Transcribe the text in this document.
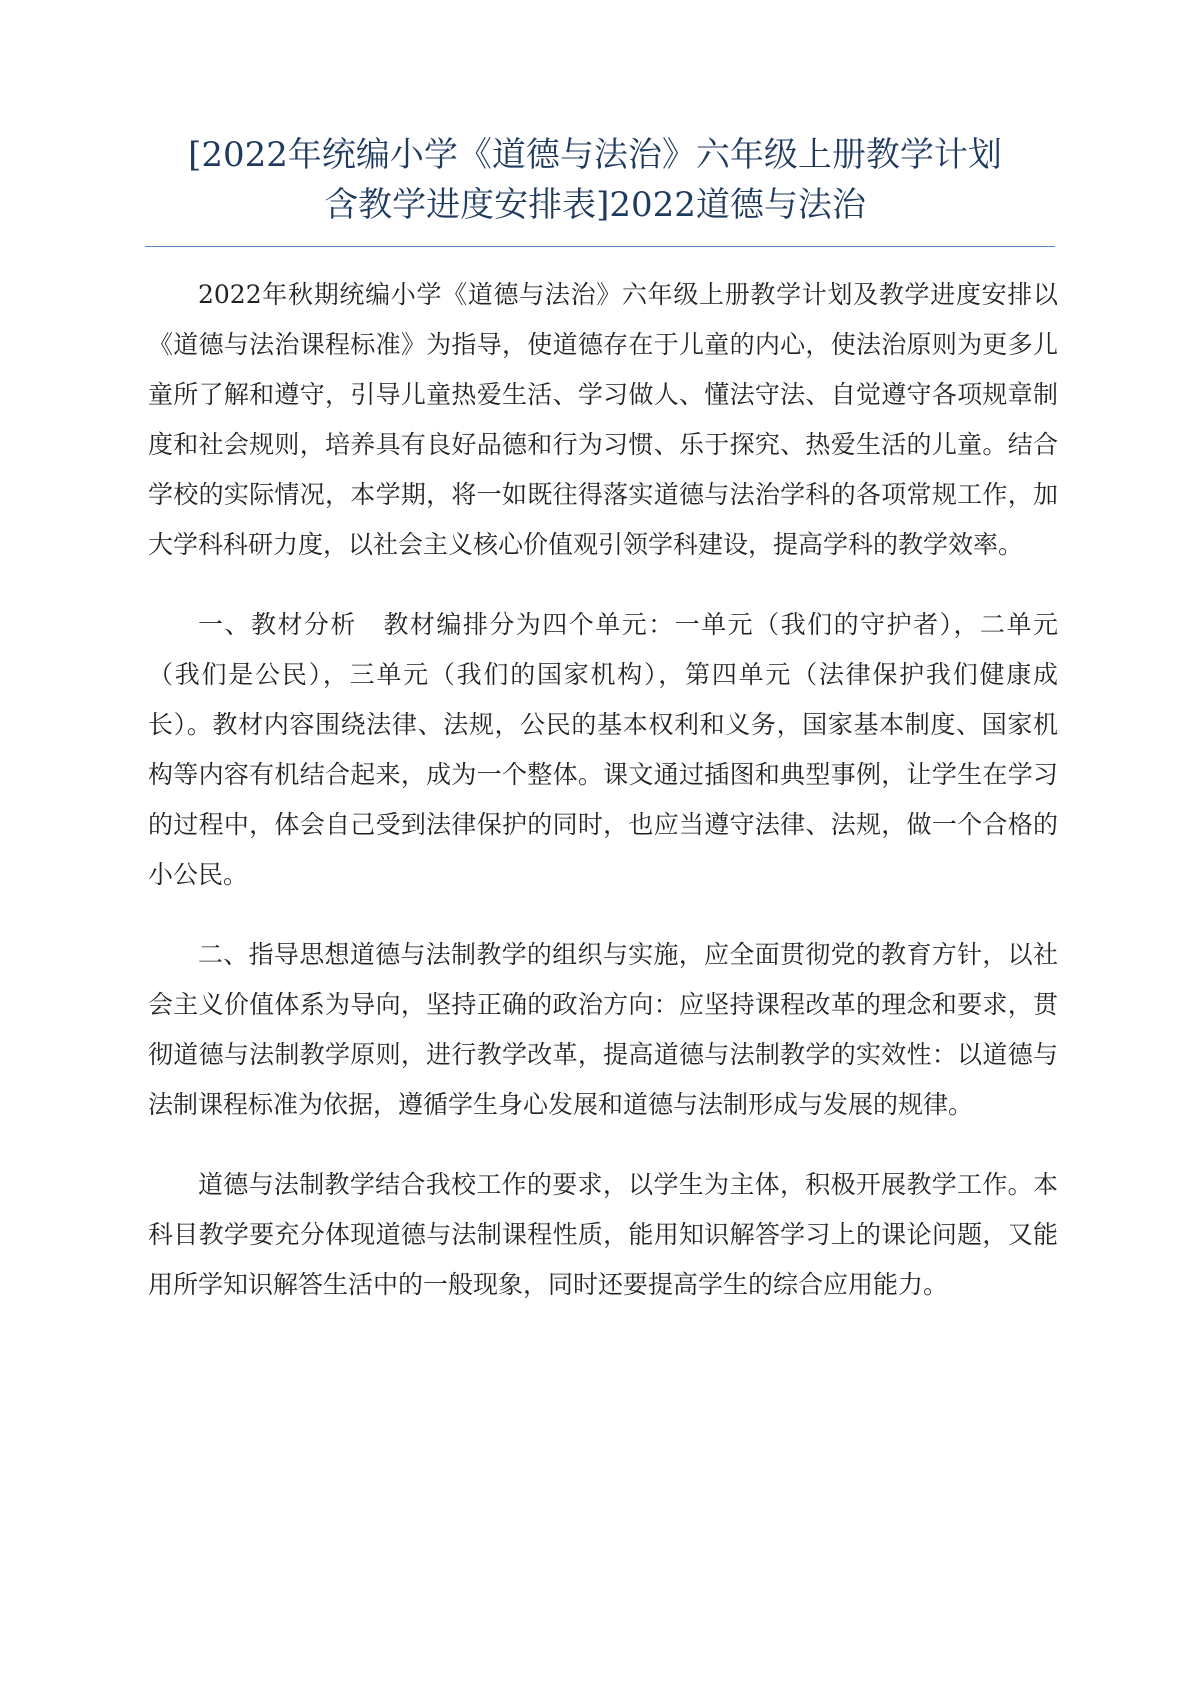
[2022年统编小学《道德与法治》六年级上册教学计划
含教学进度安排表]2022道德与法治

2022年秋期统编小学《道德与法治》六年级上册教学计划及教学进度安排以《道德与法治课程标准》为指导，使道德存在于儿童的内心，使法治原则为更多儿童所了解和遵守，引导儿童热爱生活、学习做人、懂法守法、自觉遵守各项规章制度和社会规则，培养具有良好品德和行为习惯、乐于探究、热爱生活的儿童。结合学校的实际情况，本学期，将一如既往得落实道德与法治学科的各项常规工作，加大学科科研力度，以社会主义核心价值观引领学科建设，提高学科的教学效率。

一、教材分析　教材编排分为四个单元：一单元（我们的守护者），二单元（我们是公民），三单元（我们的国家机构），第四单元（法律保护我们健康成长）。教材内容围绕法律、法规，公民的基本权利和义务，国家基本制度、国家机构等内容有机结合起来，成为一个整体。课文通过插图和典型事例，让学生在学习的过程中，体会自己受到法律保护的同时，也应当遵守法律、法规，做一个合格的小公民。

二、指导思想道德与法制教学的组织与实施，应全面贯彻党的教育方针，以社会主义价值体系为导向，坚持正确的政治方向：应坚持课程改革的理念和要求，贯彻道德与法制教学原则，进行教学改革，提高道德与法制教学的实效性：以道德与法制课程标准为依据，遵循学生身心发展和道德与法制形成与发展的规律。

道德与法制教学结合我校工作的要求，以学生为主体，积极开展教学工作。本科目教学要充分体现道德与法制课程性质，能用知识解答学习上的课论问题，又能用所学知识解答生活中的一般现象，同时还要提高学生的综合应用能力。
